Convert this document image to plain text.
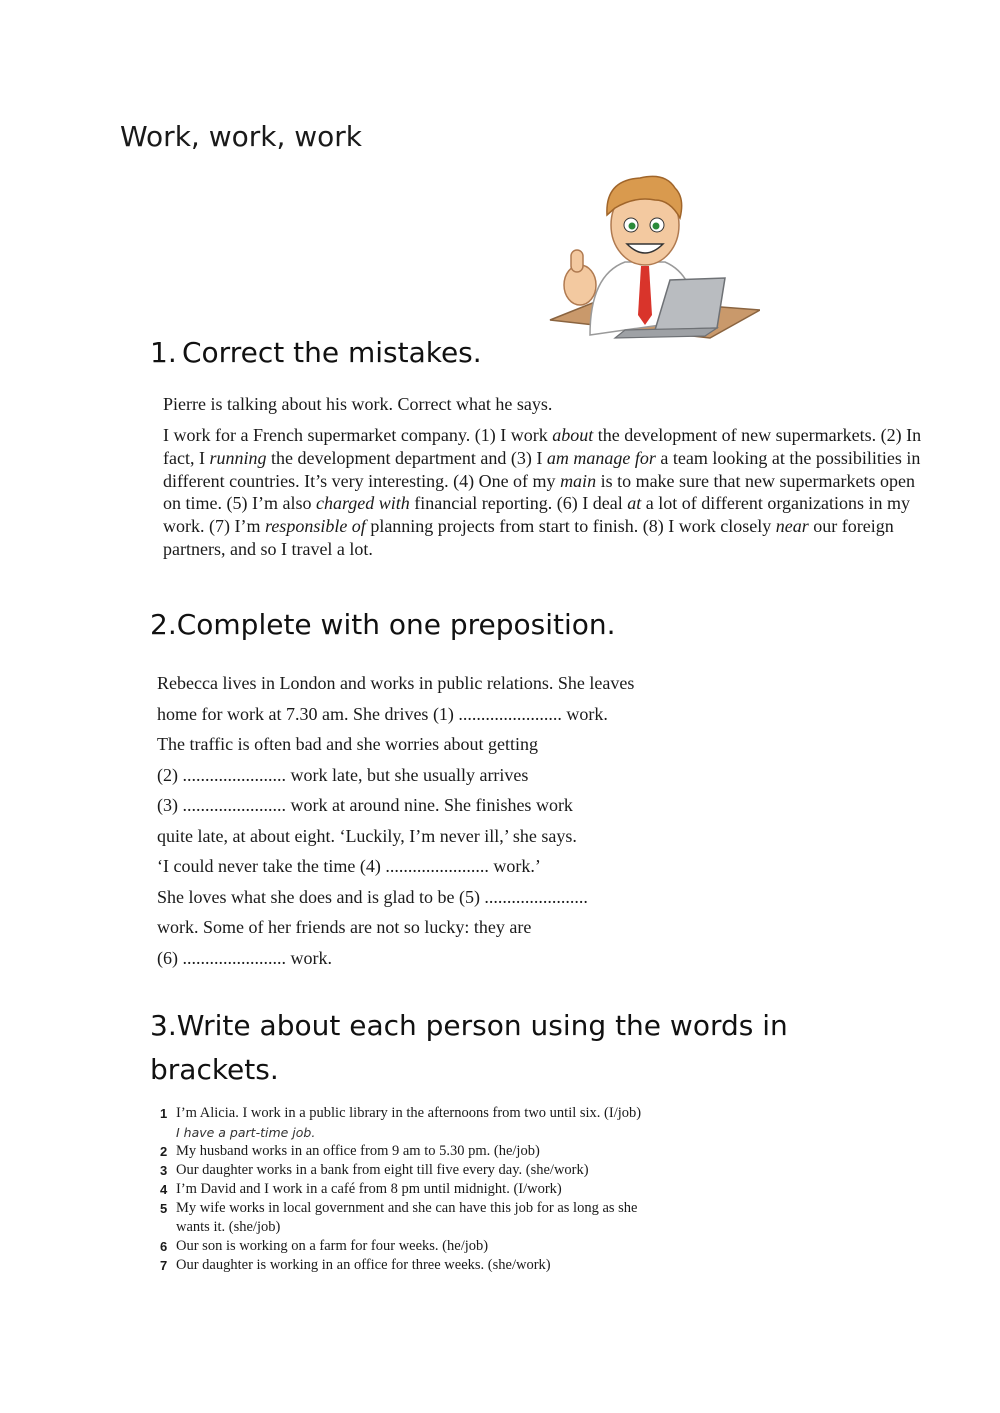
Work, work, work
1. Correct the mistakes.
Pierre is talking about his work. Correct what he says.
I work for a French supermarket company. (1) I work about the development of new supermarkets. (2) In fact, I running the development department and (3) I am manage for a team looking at the possibilities in different countries. It’s very interesting. (4) One of my main is to make sure that new supermarkets open on time. (5) I’m also charged with financial reporting. (6) I deal at a lot of different organizations in my work. (7) I’m responsible of planning projects from start to finish. (8) I work closely near our foreign partners, and so I travel a lot.
2.Complete with one preposition.
Rebecca lives in London and works in public relations. She leaves
home for work at 7.30 am. She drives (1) ....................... work.
The traffic is often bad and she worries about getting
(2) ....................... work late, but she usually arrives
(3) ....................... work at around nine. She finishes work
quite late, at about eight. ‘Luckily, I’m never ill,’ she says.
‘I could never take the time (4) ....................... work.’
She loves what she does and is glad to be (5) .......................
work. Some of her friends are not so lucky: they are
(6) ....................... work.
3.Write about each person using the words in brackets.
1 I’m Alicia. I work in a public library in the afternoons from two until six. (I/job)
I have a part-time job.
2 My husband works in an office from 9 am to 5.30 pm. (he/job)
3 Our daughter works in a bank from eight till five every day. (she/work)
4 I’m David and I work in a café from 8 pm until midnight. (I/work)
5 My wife works in local government and she can have this job for as long as she
wants it. (she/job)
6 Our son is working on a farm for four weeks. (he/job)
7 Our daughter is working in an office for three weeks. (she/work)
